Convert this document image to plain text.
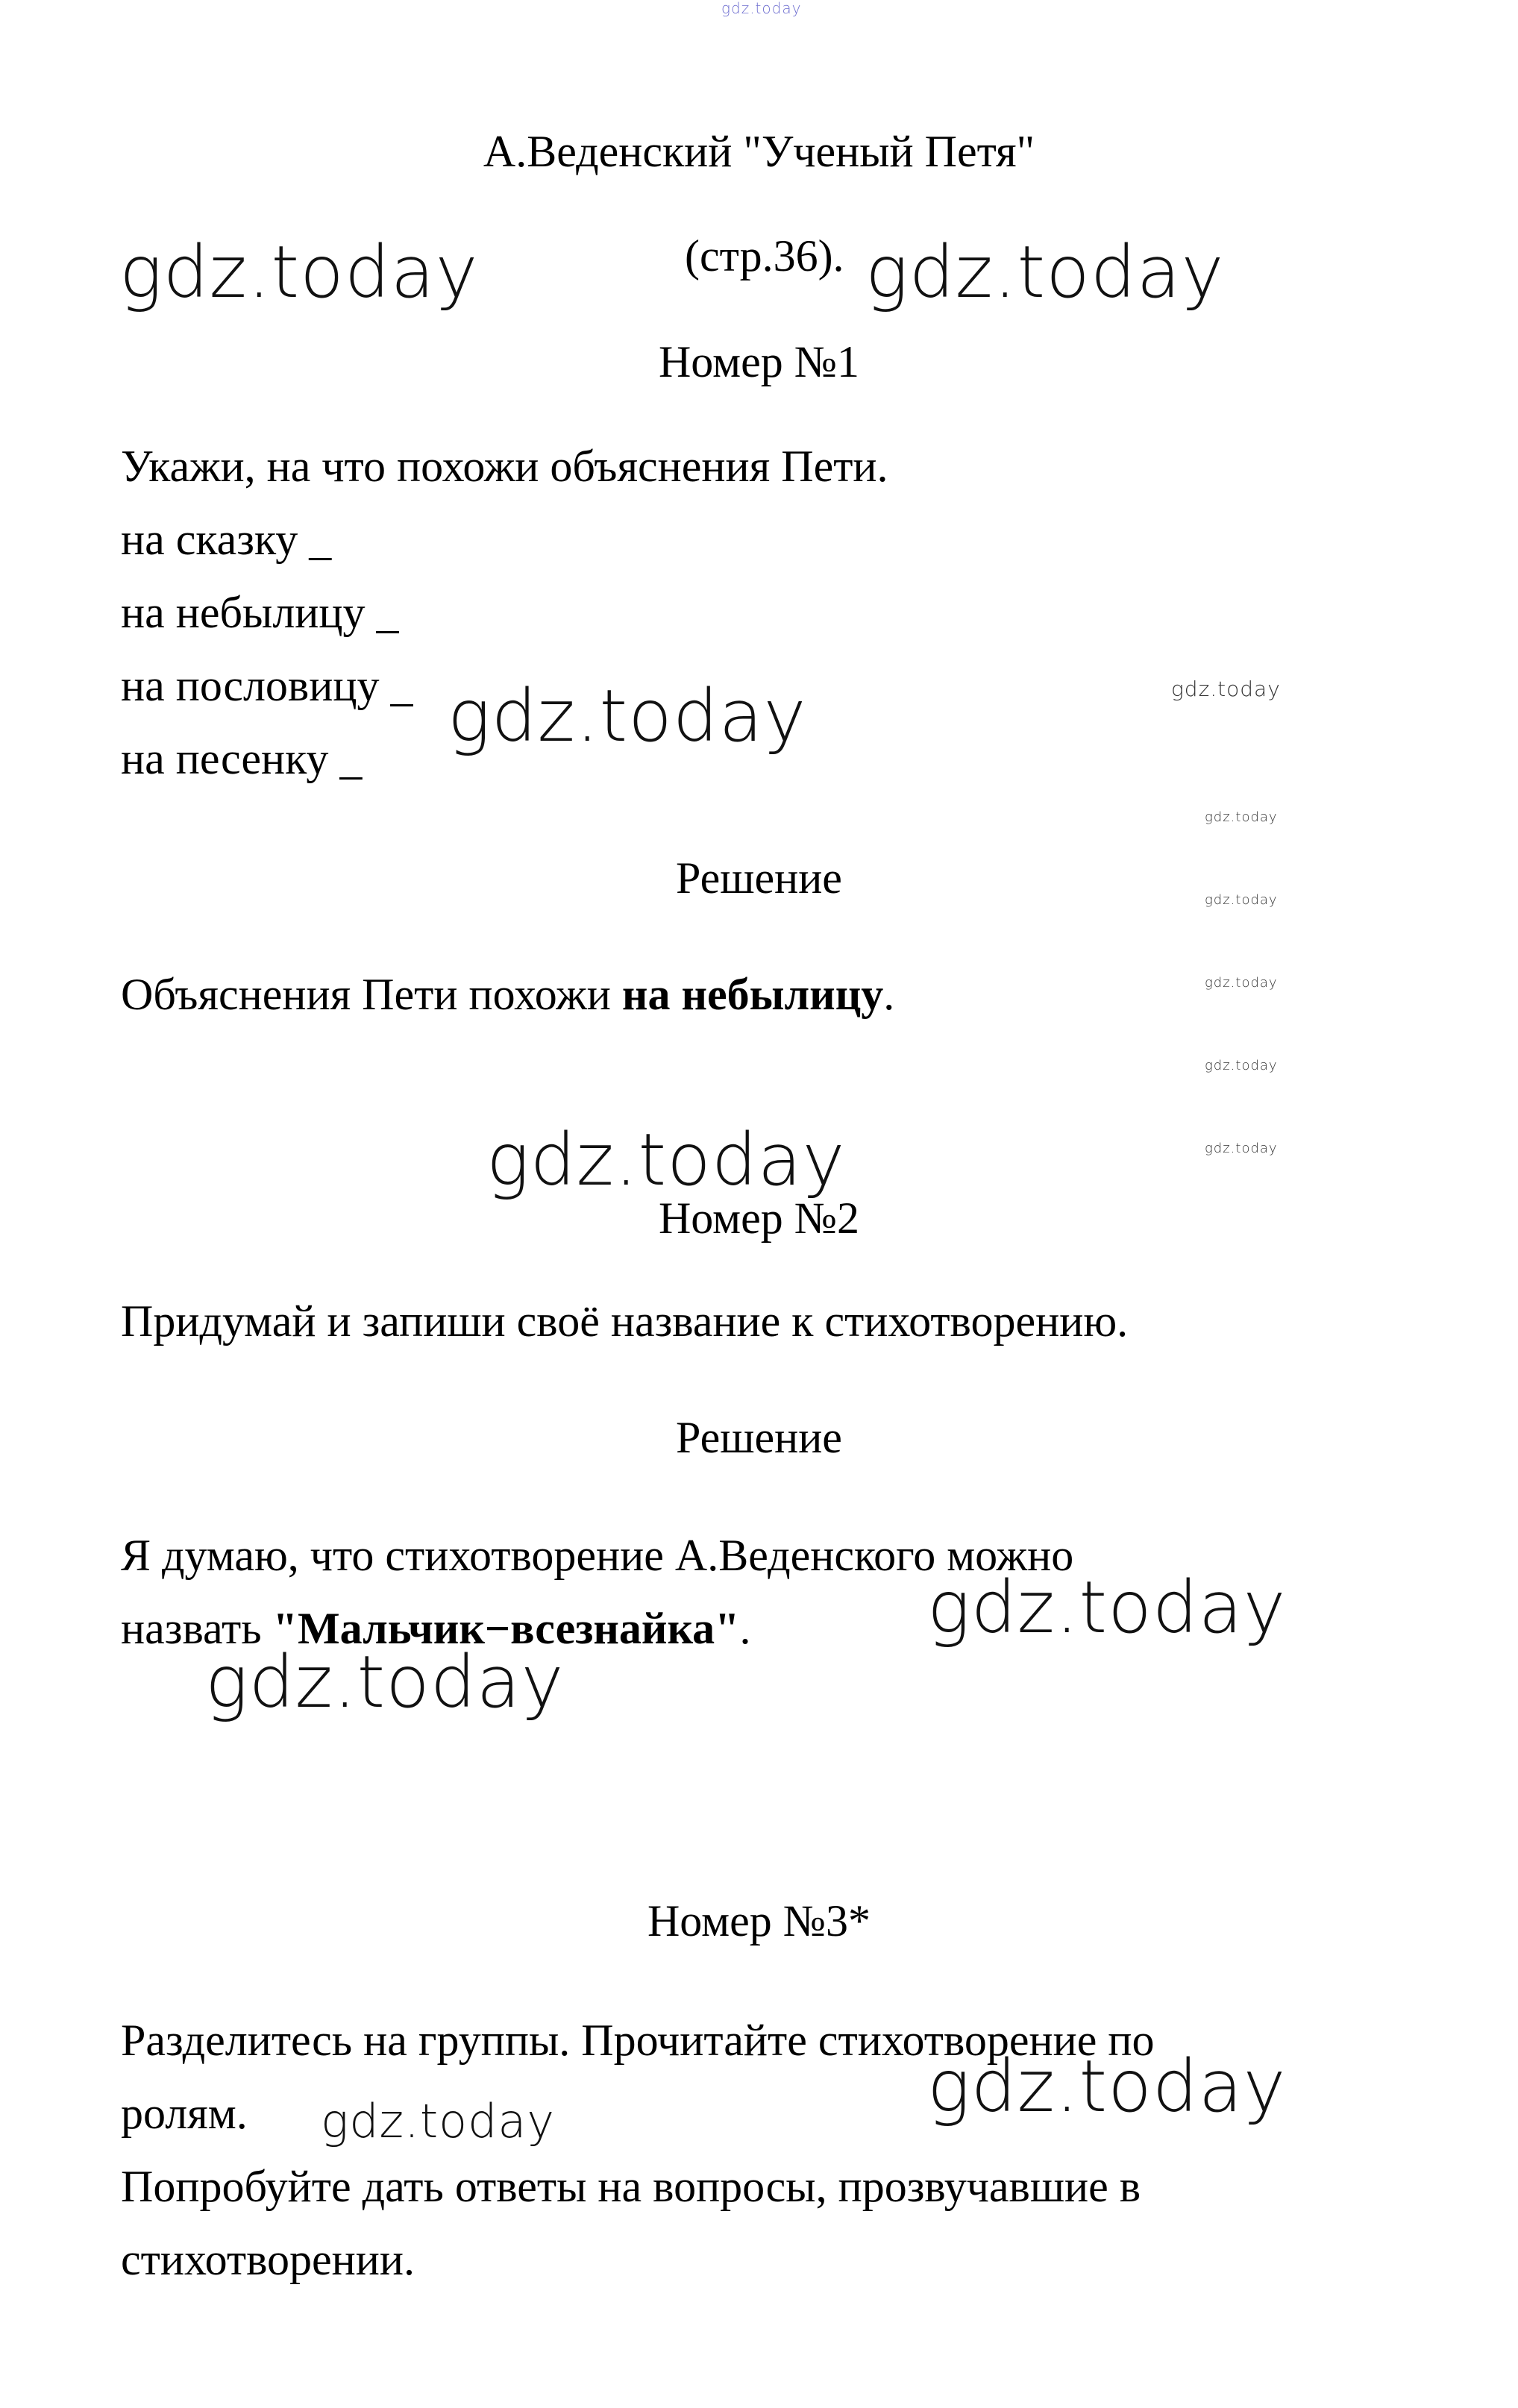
gdz.today
А.Веденский "Ученый Петя"
gdz.today	(стр.36). gdz.today
Номер №1
Укажи, на что похожи объяснения Пети.
на сказку _
на небылицу _
на пословицу _
на песенку _
gdz.today	gdz.today
gdz.today
gdz.today
gdz.today
gdz.today
gdz.today
Решение
Объяснения Пети похожи на небылицу.
gdz.today
Номер №2
Придумай и запиши своё название к стихотворению.
Решение
Я думаю, что стихотворение А.Веденского можно
назвать "Мальчик−всезнайка". gdz.today
gdz.today
Номер №3*
Разделитесь на группы. Прочитайте стихотворение по
ролям. gdz.today	gdz.today
Попробуйте дать ответы на вопросы, прозвучавшие в
стихотворении.
